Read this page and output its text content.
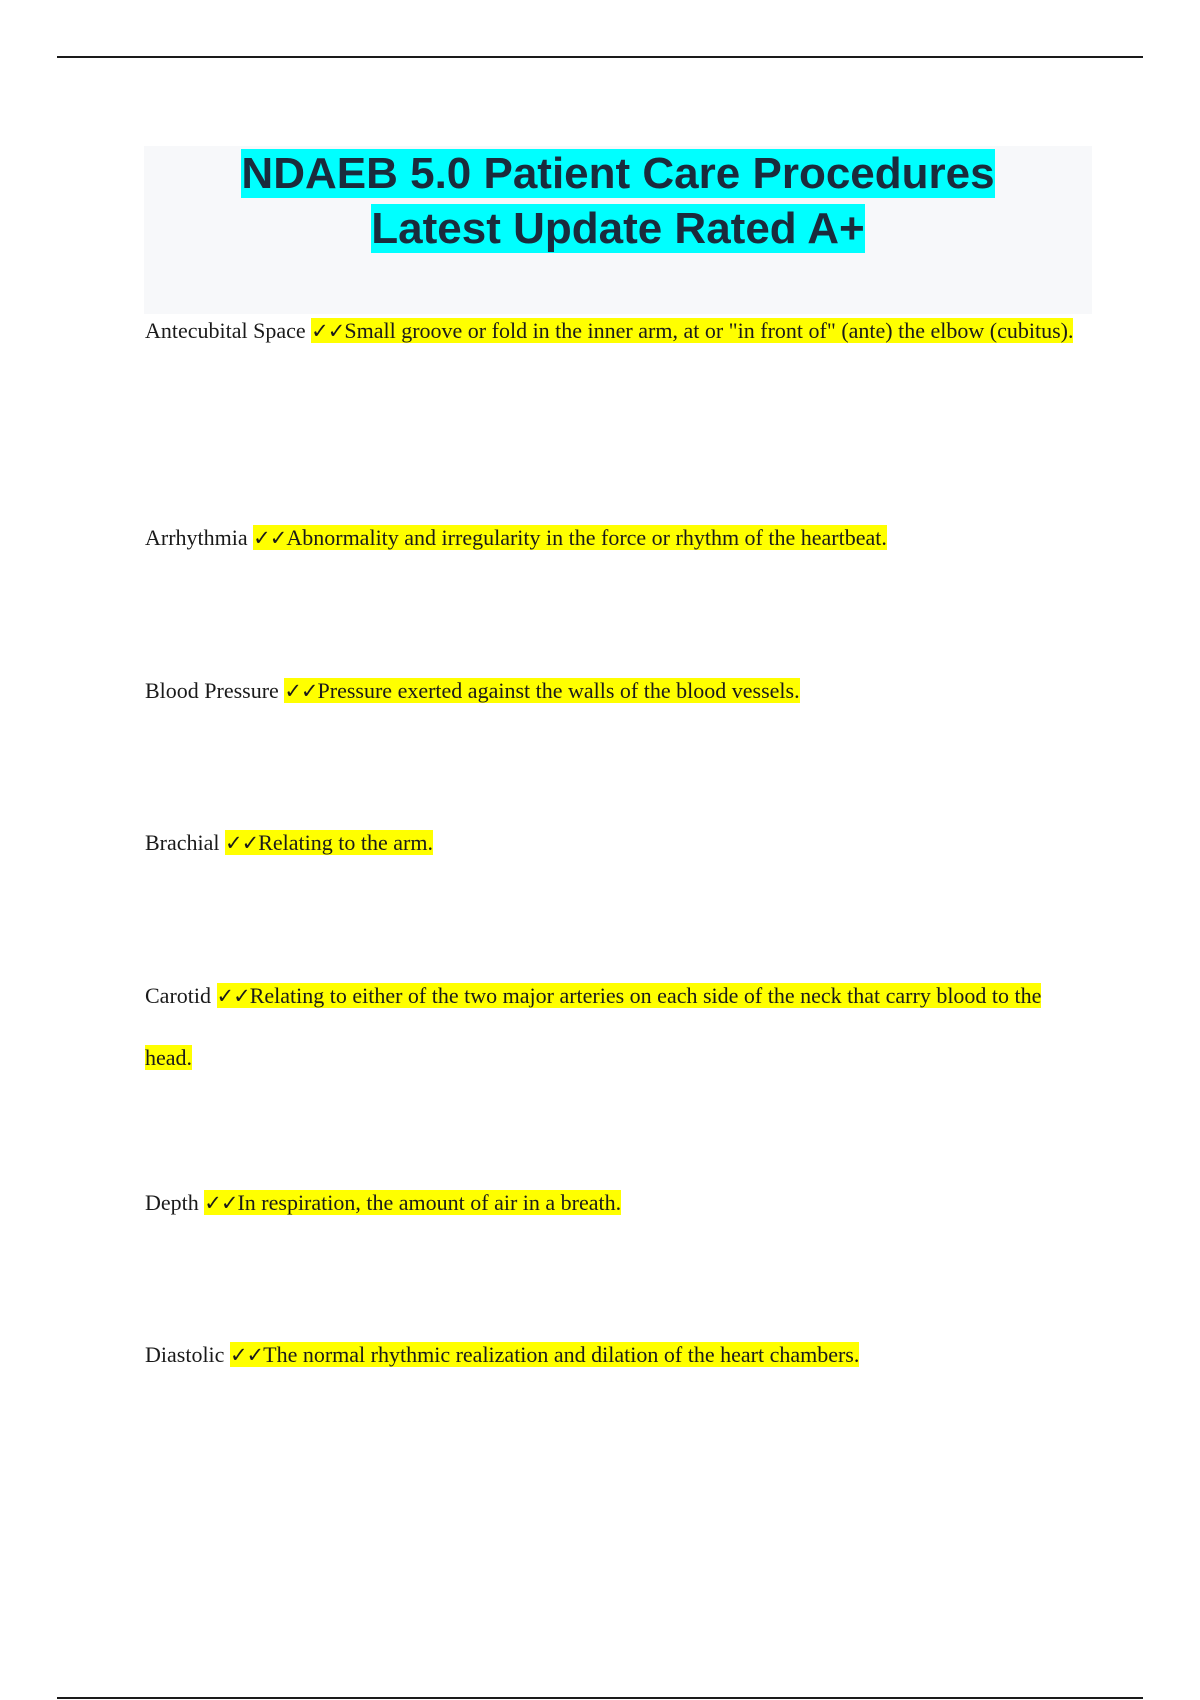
NDAEB 5.0 Patient Care Procedures
Latest Update Rated A+

Antecubital Space ✓✓Small groove or fold in the inner arm, at or "in front of" (ante) the elbow (cubitus).

Arrhythmia ✓✓Abnormality and irregularity in the force or rhythm of the heartbeat.

Blood Pressure ✓✓Pressure exerted against the walls of the blood vessels.

Brachial ✓✓Relating to the arm.

Carotid ✓✓Relating to either of the two major arteries on each side of the neck that carry blood to the head.

Depth ✓✓In respiration, the amount of air in a breath.

Diastolic ✓✓The normal rhythmic realization and dilation of the heart chambers.
